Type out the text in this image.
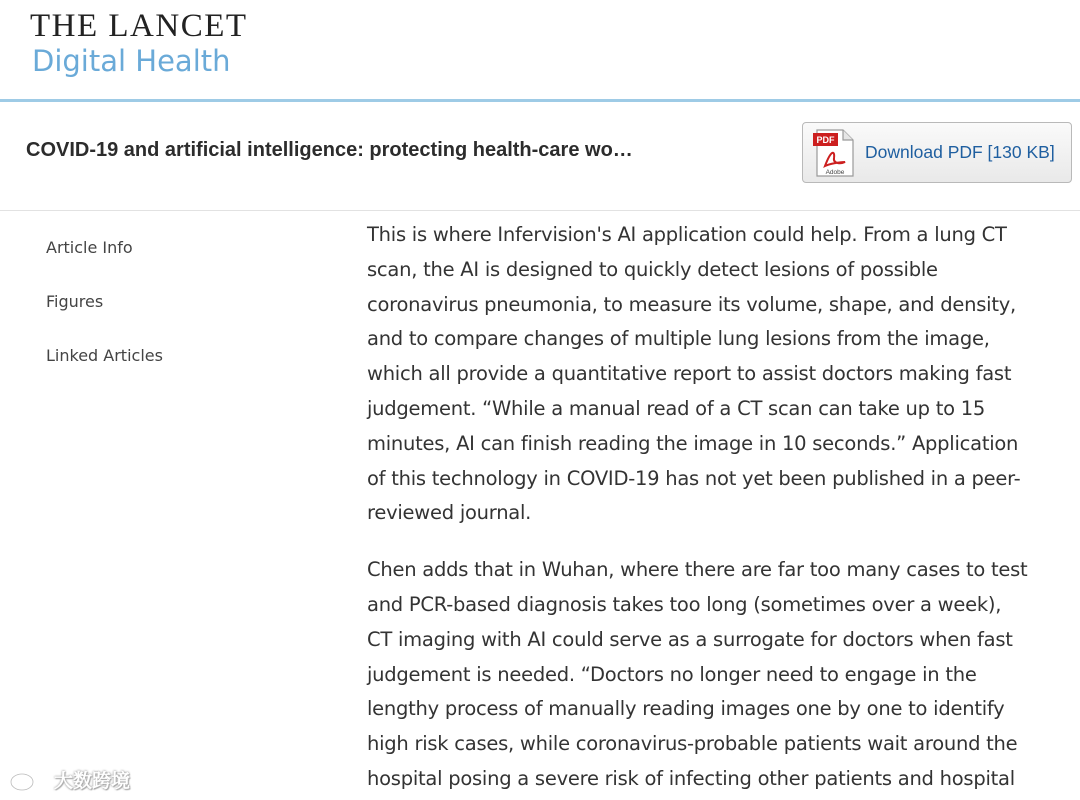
THE LANCET
Digital Health
COVID-19 and artificial intelligence: protecting health-care wo…	PDF
Adobe
Download PDF [130 KB]
Article Info
Figures
Linked Articles

This is where Infervision's AI application could help. From a lung CT
scan, the AI is designed to quickly detect lesions of possible
coronavirus pneumonia, to measure its volume, shape, and density,
and to compare changes of multiple lung lesions from the image,
which all provide a quantitative report to assist doctors making fast
judgement. “While a manual read of a CT scan can take up to 15
minutes, AI can finish reading the image in 10 seconds.” Application
of this technology in COVID-19 has not yet been published in a peer-
reviewed journal.

Chen adds that in Wuhan, where there are far too many cases to test
and PCR-based diagnosis takes too long (sometimes over a week),
CT imaging with AI could serve as a surrogate for doctors when fast
judgement is needed. “Doctors no longer need to engage in the
lengthy process of manually reading images one by one to identify
high risk cases, while coronavirus-probable patients wait around the
hospital posing a severe risk of infecting other patients and hospital

大数跨境
